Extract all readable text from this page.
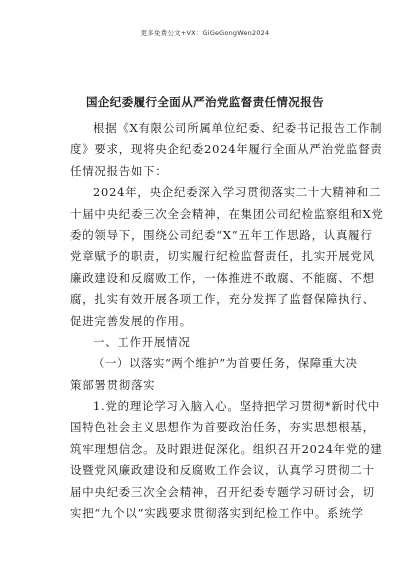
更多免费公文+VX：GiGeGongWen2024
国企纪委履行全面从严治党监督责任情况报告
根据《X有限公司所属单位纪委、纪委书记报告工作制
度》要求，现将央企纪委2024年履行全面从严治党监督责
任情况报告如下：
2024年，央企纪委深入学习贯彻落实二十大精神和二
十届中央纪委三次全会精神，在集团公司纪检监察组和X党
委的领导下，围绕公司纪委“X”五年工作思路，认真履行
党章赋予的职责，切实履行纪检监督责任，扎实开展党风
廉政建设和反腐败工作，一体推进不敢腐、不能腐、不想
腐，扎实有效开展各项工作，充分发挥了监督保障执行、
促进完善发展的作用。
一、工作开展情况
（一）以落实“两个维护”为首要任务，保障重大决
策部署贯彻落实
1.党的理论学习入脑入心。坚持把学习贯彻*新时代中
国特色社会主义思想作为首要政治任务，夯实思想根基，
筑牢理想信念。及时跟进促深化。组织召开2024年党的建
设暨党风廉政建设和反腐败工作会议，认真学习贯彻二十
届中央纪委三次全会精神，召开纪委专题学习研讨会，切
实把“九个以”实践要求贯彻落实到纪检工作中。系统学
